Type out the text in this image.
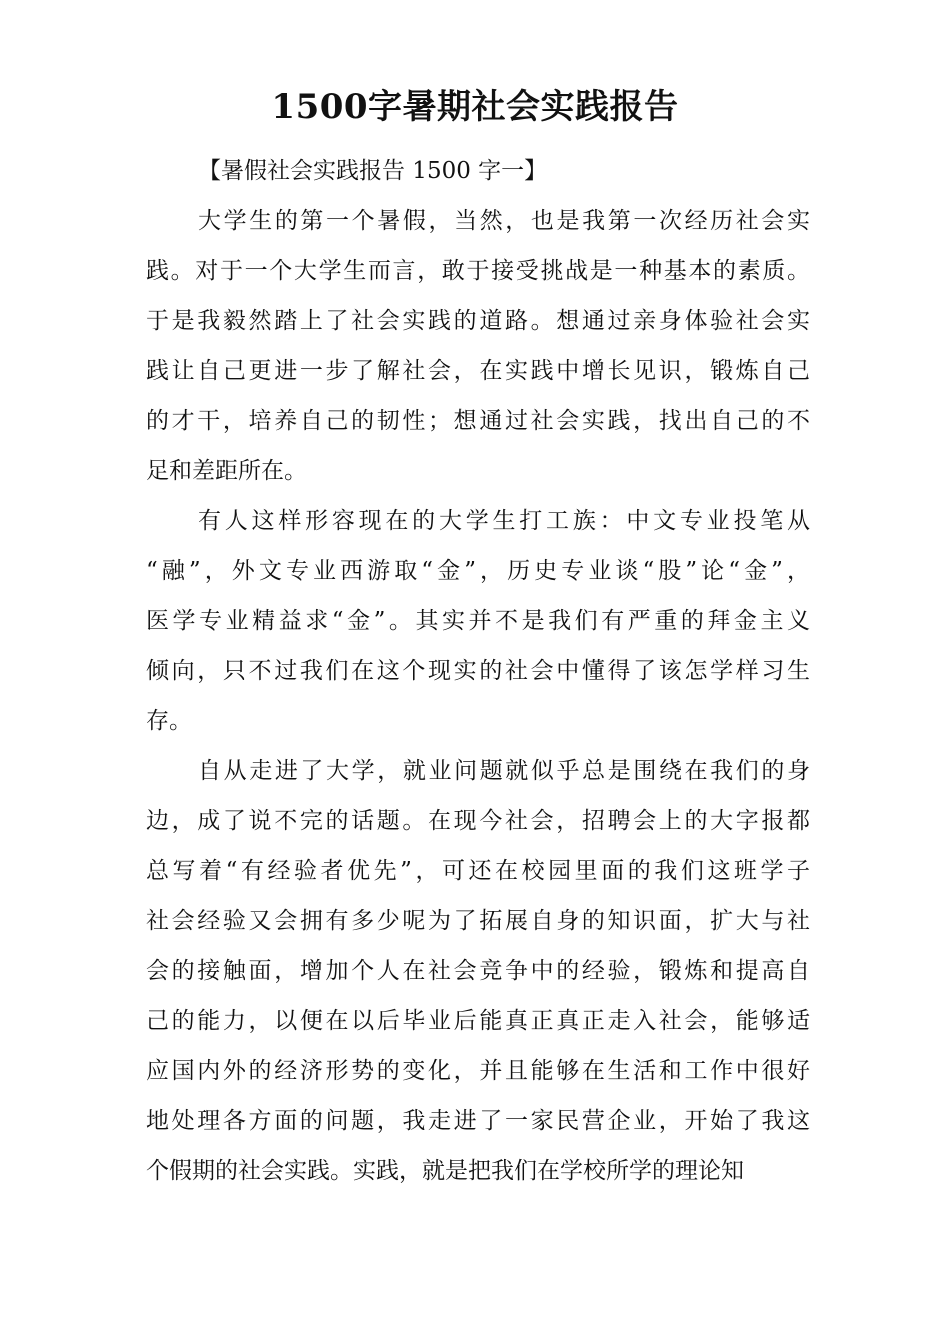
1500字暑期社会实践报告

【暑假社会实践报告 1500 字一】

大学生的第一个暑假，当然，也是我第一次经历社会实
践。对于一个大学生而言，敢于接受挑战是一种基本的素质。
于是我毅然踏上了社会实践的道路。想通过亲身体验社会实
践让自己更进一步了解社会，在实践中增长见识，锻炼自己
的才干，培养自己的韧性；想通过社会实践，找出自己的不
足和差距所在。

有人这样形容现在的大学生打工族：中文专业投笔从
“融”，外文专业西游取“金”，历史专业谈“股”论“金”，
医学专业精益求“金”。其实并不是我们有严重的拜金主义
倾向，只不过我们在这个现实的社会中懂得了该怎学样习生
存。

自从走进了大学，就业问题就似乎总是围绕在我们的身
边，成了说不完的话题。在现今社会，招聘会上的大字报都
总写着“有经验者优先”，可还在校园里面的我们这班学子
社会经验又会拥有多少呢为了拓展自身的知识面，扩大与社
会的接触面，增加个人在社会竞争中的经验，锻炼和提高自
己的能力，以便在以后毕业后能真正真正走入社会，能够适
应国内外的经济形势的变化，并且能够在生活和工作中很好
地处理各方面的问题，我走进了一家民营企业，开始了我这
个假期的社会实践。实践，就是把我们在学校所学的理论知
